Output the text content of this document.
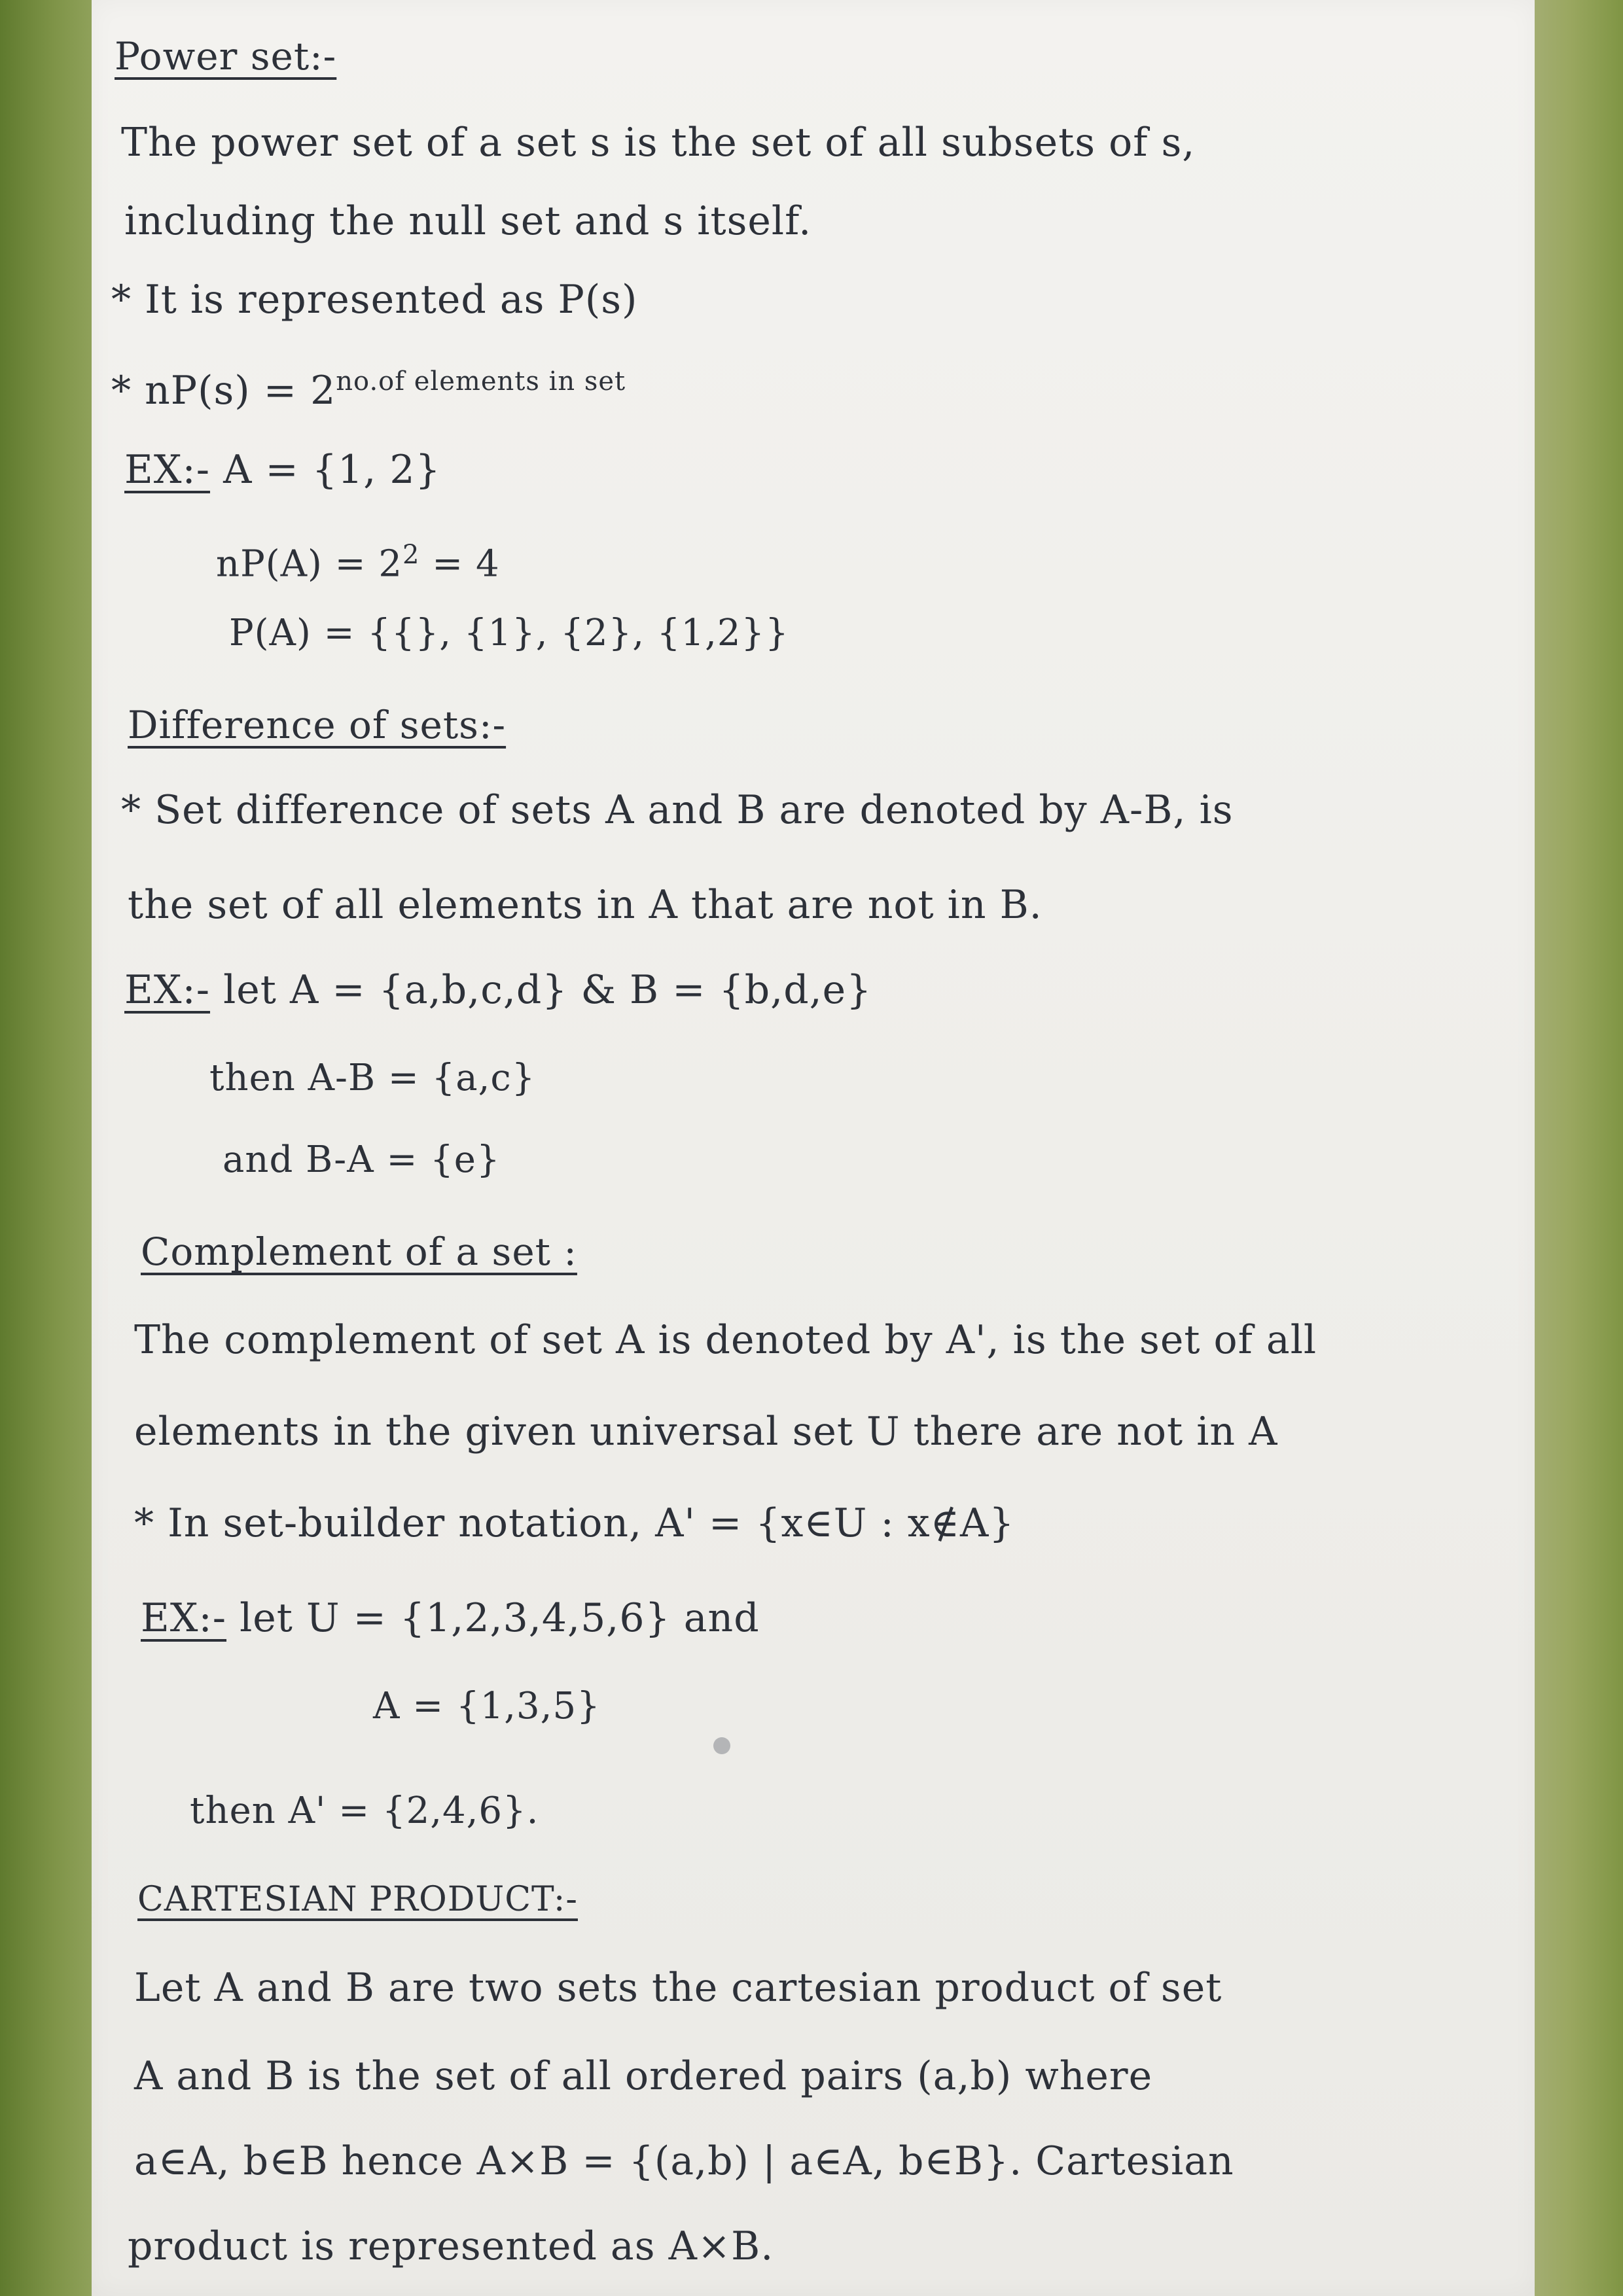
Power set:-
The power set of a set s is the set of all subsets of s,
including the null set and s itself.
* It is represented as P(s)
* $nP(s) = 2^{no.of elements in set}$
EX:- A = {1, 2}
$nP(A) = 2^2 = 4$
P(A) = {{}, {1}, {2}, {1,2}}
Difference of sets:-
* Set difference of sets A and B are denoted by A-B, is
the set of all elements in A that are not in B.
EX:- let A = {a,b,c,d} & B = {b,d,e}
then A-B = {a,c}
and B-A = {e}
Complement of a set :
The complement of set A is denoted by A', is the set of all
elements in the given universal set U there are not in A
* In set-builder notation, A' = {x∈U : x∉A}
EX:- let U = {1,2,3,4,5,6} and
A = {1,3,5}
then A' = {2,4,6}.
CARTESIAN PRODUCT:-
Let A and B are two sets the cartesian product of set
A and B is the set of all ordered pairs (a,b) where
a∈A, b∈B hence A×B = {(a,b) | a∈A, b∈B}. Cartesian
product is represented as A×B.
